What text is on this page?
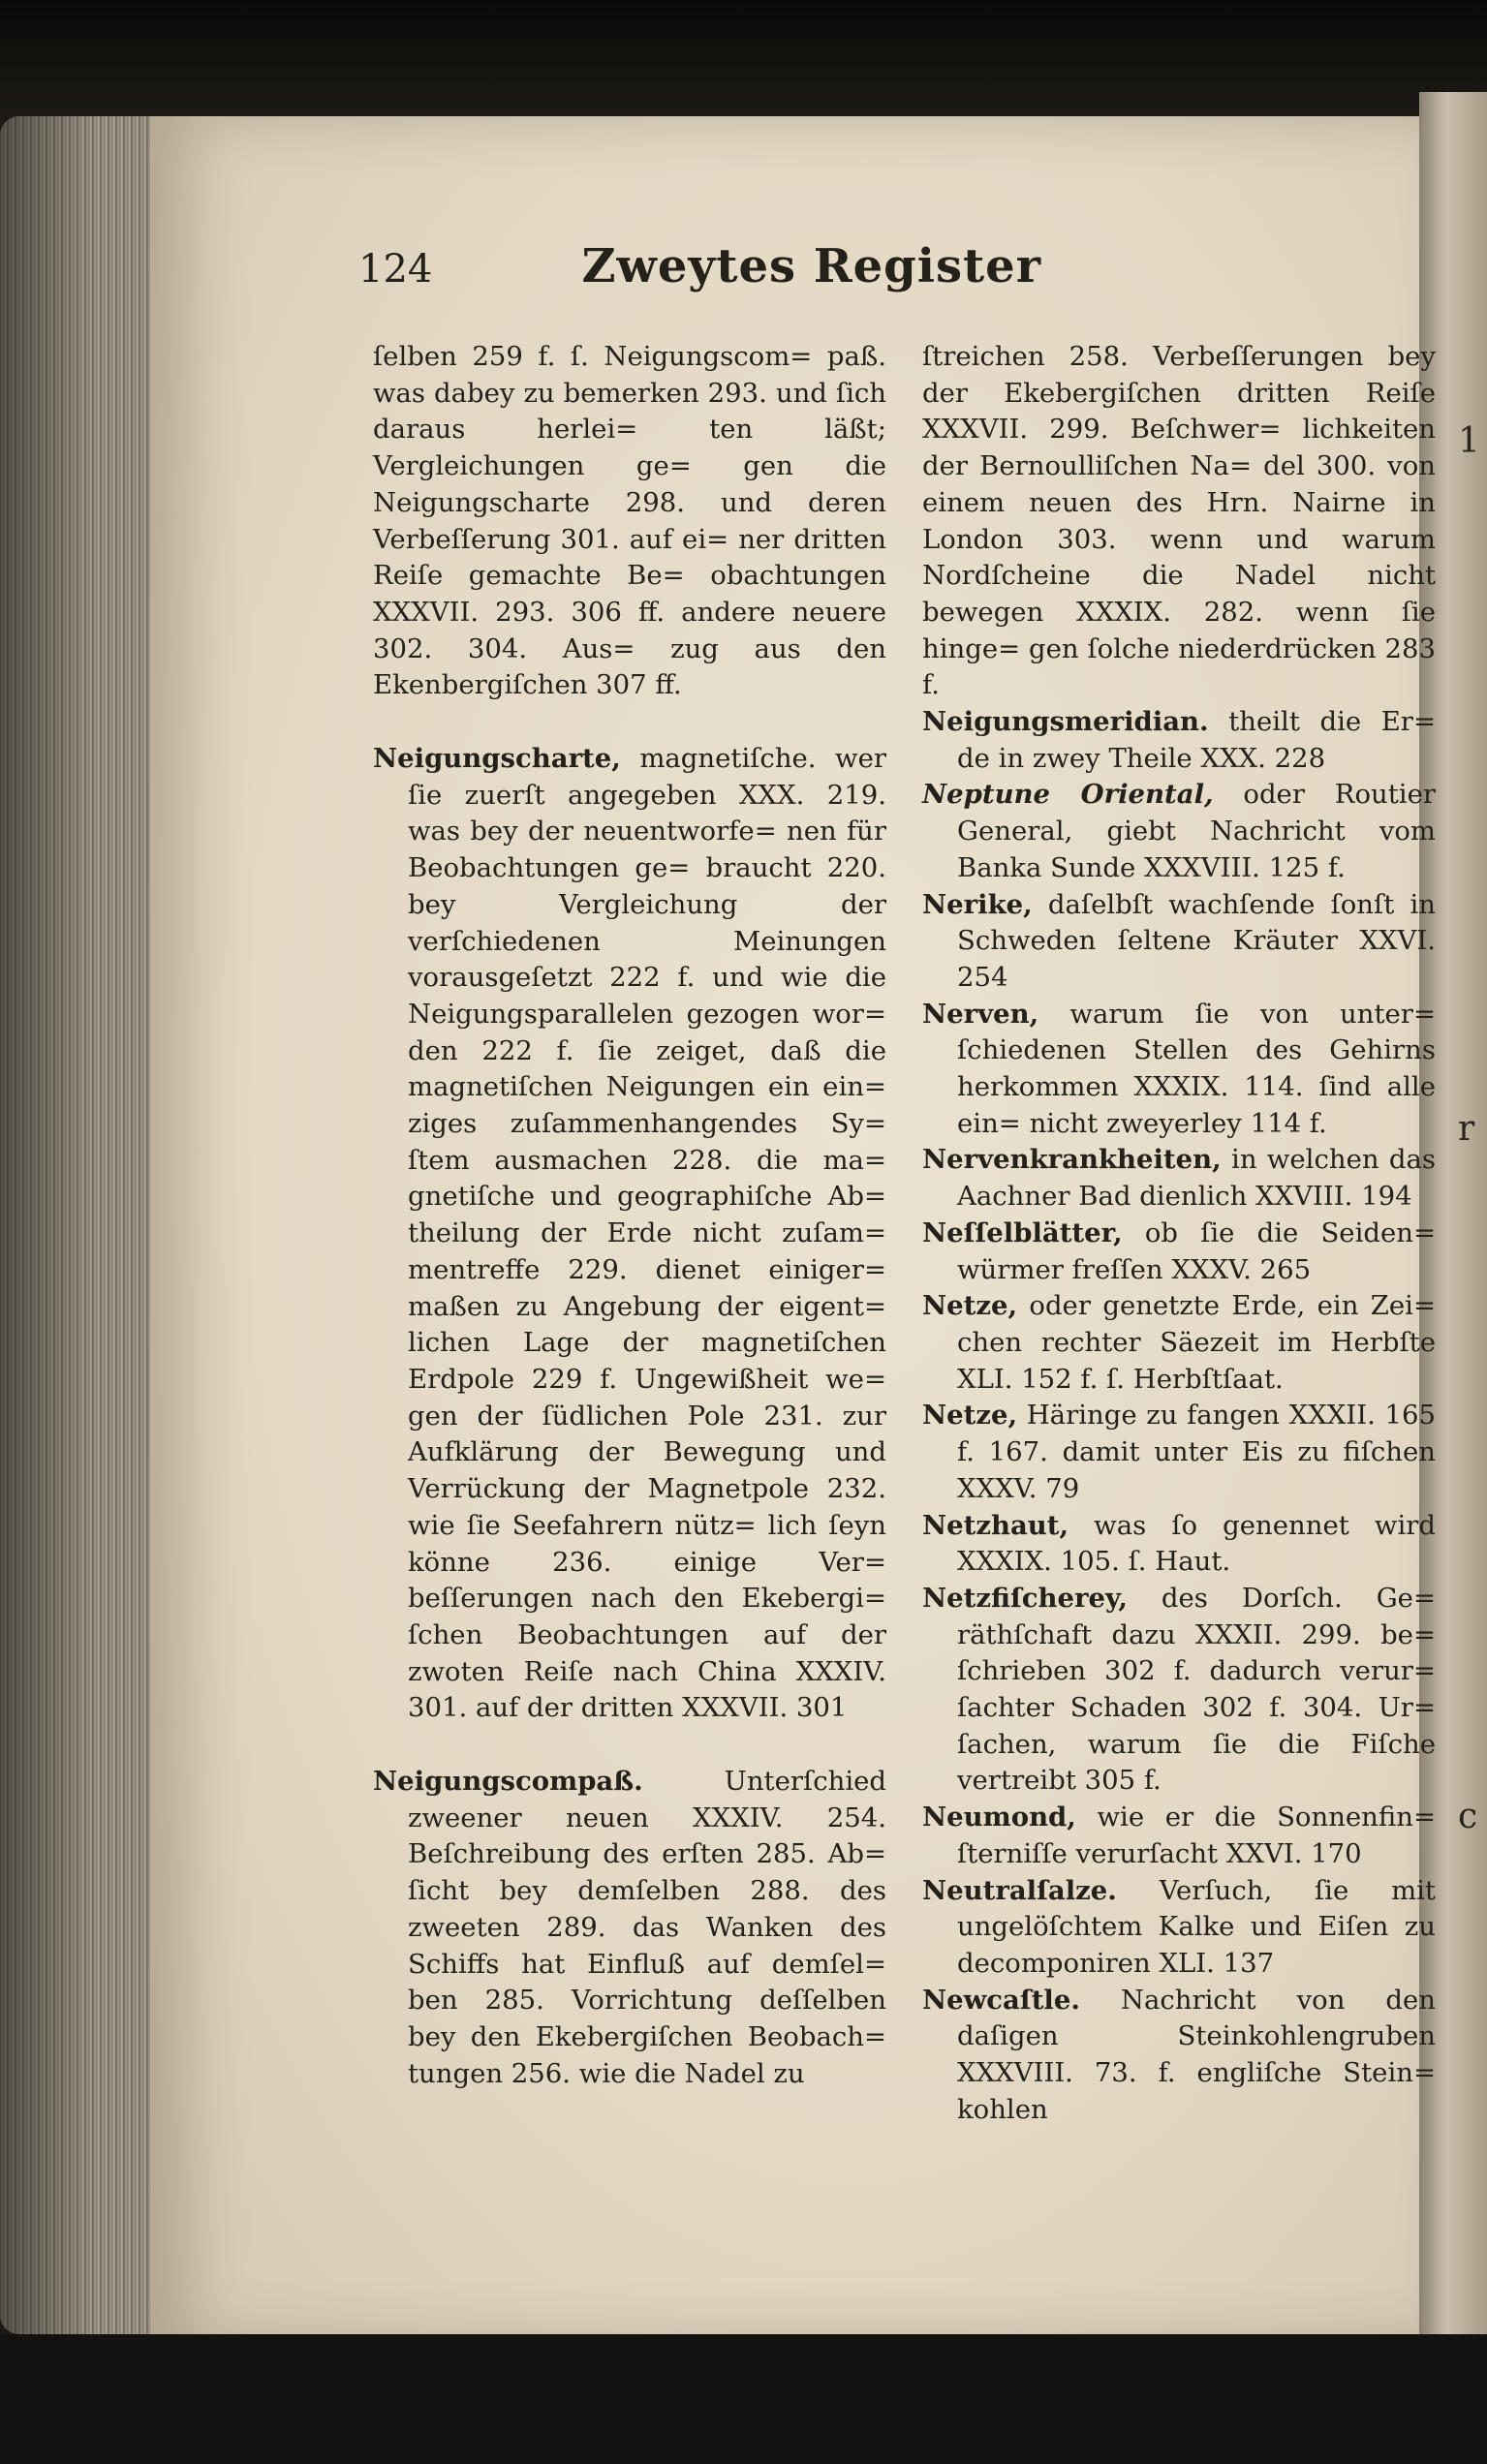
1
r
c
124	Zweytes Register

ſelben 259 f. ſ. Neigungscom= paß. was dabey zu bemerken 293. und ſich daraus herlei= ten läßt; Vergleichungen ge= gen die Neigungscharte 298. und deren Verbeſſerung 301. auf ei= ner dritten Reiſe gemachte Be= obachtungen XXXVII. 293. 306 ff. andere neuere 302. 304. Aus= zug aus den Ekenbergiſchen 307 ff.

Neigungscharte, magnetiſche. wer ſie zuerſt angegeben XXX. 219. was bey der neuentworfe= nen für Beobachtungen ge= braucht 220. bey Vergleichung der verſchiedenen Meinungen vorausgeſetzt 222 f. und wie die Neigungsparallelen gezogen wor= den 222 f. ſie zeiget, daß die magnetiſchen Neigungen ein ein= ziges zuſammenhangendes Sy= ſtem ausmachen 228. die ma= gnetiſche und geographiſche Ab= theilung der Erde nicht zuſam= mentreffe 229. dienet einiger= maßen zu Angebung der eigent= lichen Lage der magnetiſchen Erdpole 229 f. Ungewißheit we= gen der ſüdlichen Pole 231. zur Aufklärung der Bewegung und Verrückung der Magnetpole 232. wie ſie Seefahrern nütz= lich ſeyn könne 236. einige Ver= beſſerungen nach den Ekebergi= ſchen Beobachtungen auf der zwoten Reiſe nach China XXXIV. 301. auf der dritten XXXVII. 301

Neigungscompaß. Unterſchied zweener neuen XXXIV. 254. Beſchreibung des erſten 285. Ab= ſicht bey demſelben 288. des zweeten 289. das Wanken des Schiffs hat Einfluß auf demſel= ben 285. Vorrichtung deſſelben bey den Ekebergiſchen Beobach= tungen 256. wie die Nadel zu

ſtreichen 258. Verbeſſerungen bey der Ekebergiſchen dritten Reiſe XXXVII. 299. Beſchwer= lichkeiten der Bernoulliſchen Na= del 300. von einem neuen des Hrn. Nairne in London 303. wenn und warum Nordſcheine die Nadel nicht bewegen XXXIX. 282. wenn ſie hinge= gen ſolche niederdrücken 283 f.

Neigungsmeridian. theilt die Er= de in zwey Theile XXX. 228

Neptune Oriental, oder Routier General, giebt Nachricht vom Banka Sunde XXXVIII. 125 f.

Nerike, daſelbſt wachſende ſonſt in Schweden ſeltene Kräuter XXVI. 254

Nerven, warum ſie von unter= ſchiedenen Stellen des Gehirns herkommen XXXIX. 114. ſind alle ein= nicht zweyerley 114 f.

Nervenkrankheiten, in welchen das Aachner Bad dienlich XXVIII. 194

Neſſelblätter, ob ſie die Seiden= würmer freſſen XXXV. 265

Netze, oder genetzte Erde, ein Zei= chen rechter Säezeit im Herbſte XLI. 152 f. ſ. Herbſtſaat.

Netze, Häringe zu fangen XXXII. 165 f. 167. damit unter Eis zu fiſchen XXXV. 79

Netzhaut, was ſo genennet wird XXXIX. 105. ſ. Haut.

Netzfiſcherey, des Dorſch. Ge= räthſchaft dazu XXXII. 299. be= ſchrieben 302 f. dadurch verur= ſachter Schaden 302 f. 304. Ur= ſachen, warum ſie die Fiſche vertreibt 305 f.

Neumond, wie er die Sonnenfin= ſterniſſe verurſacht XXVI. 170

Neutralſalze. Verſuch, ſie mit ungelöſchtem Kalke und Eiſen zu decomponiren XLI. 137

Newcaſtle. Nachricht von den daſigen Steinkohlengruben XXXVIII. 73. f. engliſche Stein= kohlen
